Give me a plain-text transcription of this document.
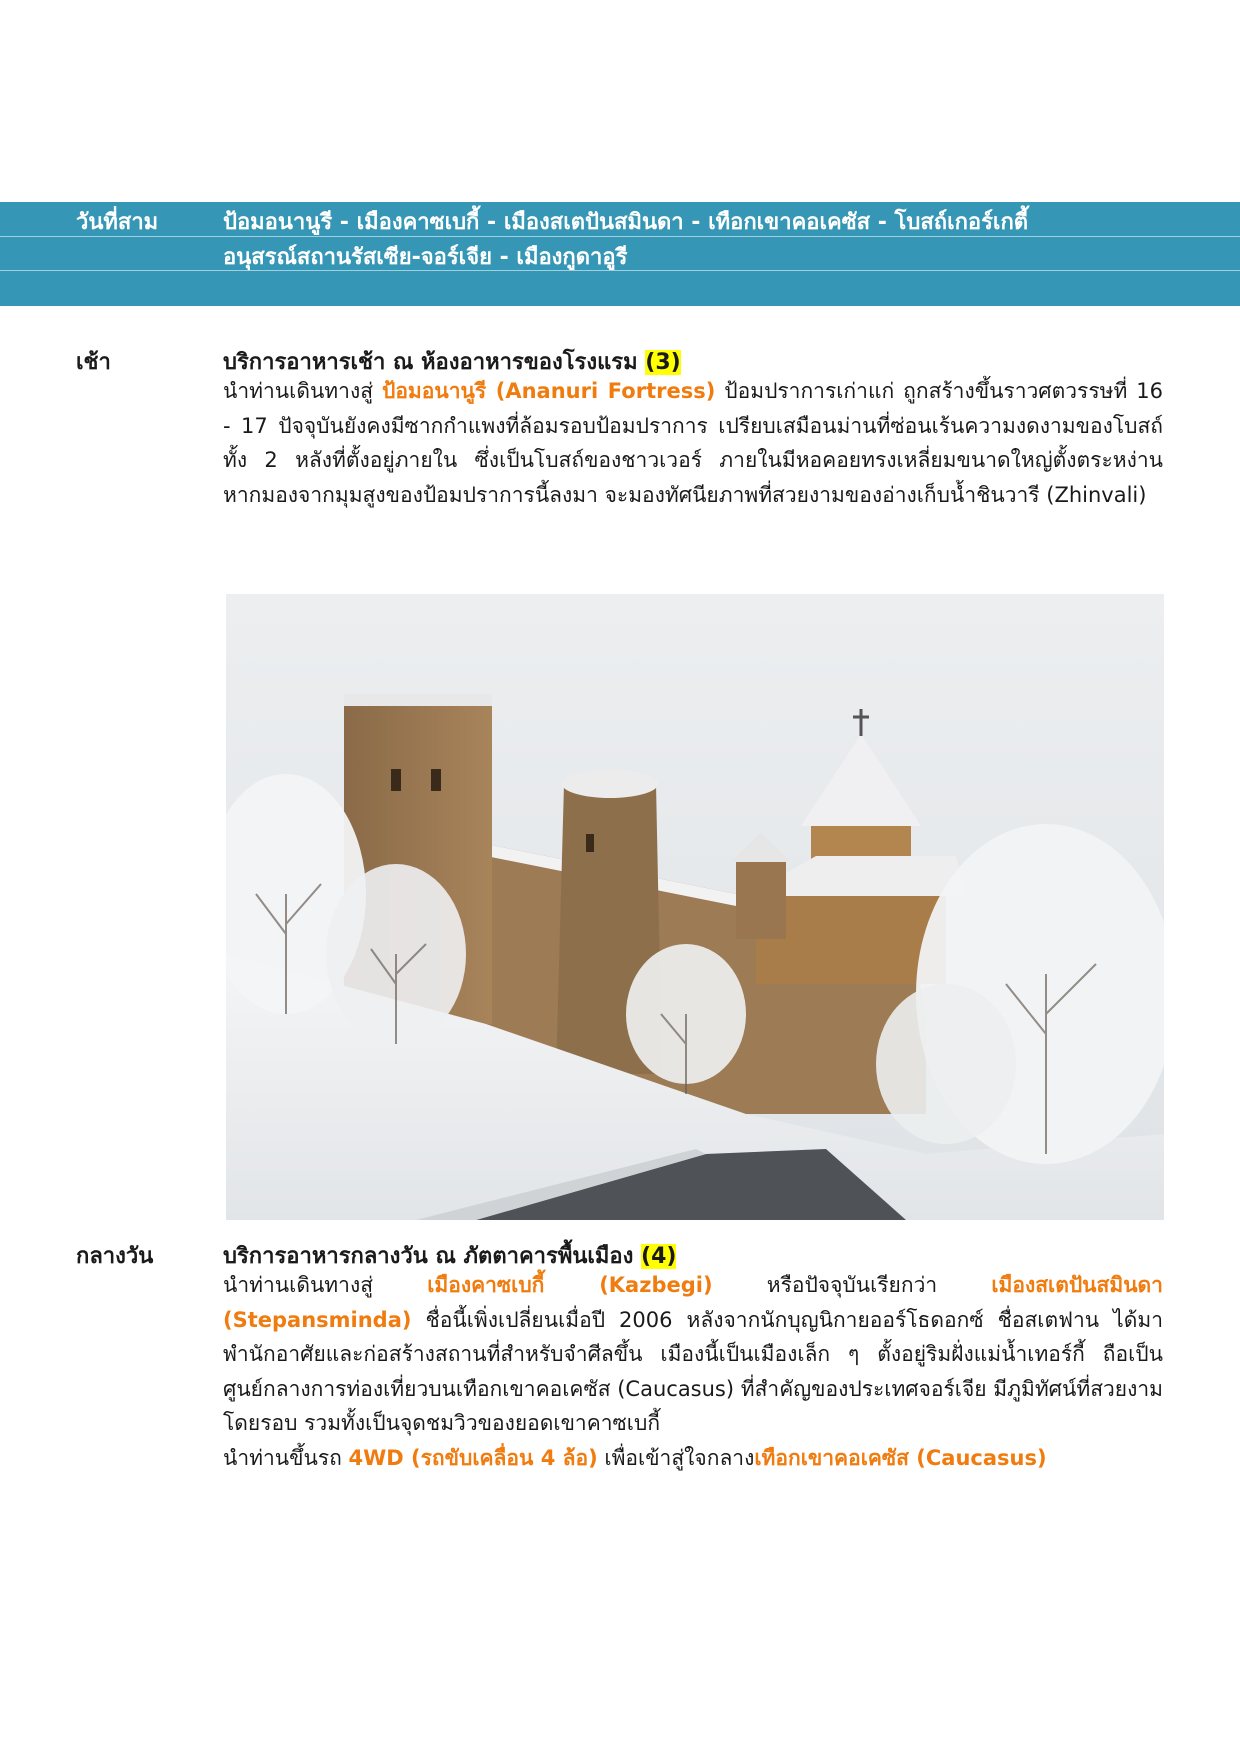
วันที่สาม	ป้อมอนานูรี - เมืองคาซเบกี้ - เมืองสเตปันสมินดา - เทือกเขาคอเคซัส - โบสถ์เกอร์เกตี้
อนุสรณ์สถานรัสเซีย-จอร์เจีย - เมืองกูดาอูรี
เช้า	บริการอาหารเช้า ณ ห้องอาหารของโรงแรม (3)

นำท่านเดินทางสู่ ป้อมอนานูรี (Ananuri Fortress) ป้อมปราการเก่าแก่ ถูกสร้างขึ้นราวศตวรรษที่ 16 - 17 ปัจจุบันยังคงมีซากกำแพงที่ล้อมรอบป้อมปราการ เปรียบเสมือนม่านที่ซ่อนเร้นความงดงามของโบสถ์ ทั้ง 2 หลังที่ตั้งอยู่ภายใน ซึ่งเป็นโบสถ์ของชาวเวอร์ ภายในมีหอคอยทรงเหลี่ยมขนาดใหญ่ตั้งตระหง่าน หากมองจากมุมสูงของป้อมปราการนี้ลงมา จะมองทัศนียภาพที่สวยงามของอ่างเก็บน้ำชินวารี (Zhinvali)

กลางวัน	บริการอาหารกลางวัน ณ ภัตตาคารพื้นเมือง (4)

นำท่านเดินทางสู่	เมืองคาซเบกี้ (Kazbegi)	หรือปัจจุบันเรียกว่า	เมืองสเตปันสมินดา (Stepansminda) ชื่อนี้เพิ่งเปลี่ยนเมื่อปี 2006 หลังจากนักบุญนิกายออร์โธดอกซ์ ชื่อสเตฟาน ได้มาพำนักอาศัยและก่อสร้างสถานที่สำหรับจำศีลขึ้น เมืองนี้เป็นเมืองเล็ก ๆ ตั้งอยู่ริมฝั่งแม่น้ำเทอร์กี้ ถือเป็นศูนย์กลางการท่องเที่ยวบนเทือกเขาคอเคซัส (Caucasus) ที่สำคัญของประเทศจอร์เจีย มีภูมิทัศน์ที่สวยงามโดยรอบ รวมทั้งเป็นจุดชมวิวของยอดเขาคาซเบกี้

นำท่านขึ้นรถ 4WD (รถขับเคลื่อน 4 ล้อ) เพื่อเข้าสู่ใจกลางเทือกเขาคอเคซัส (Caucasus)
